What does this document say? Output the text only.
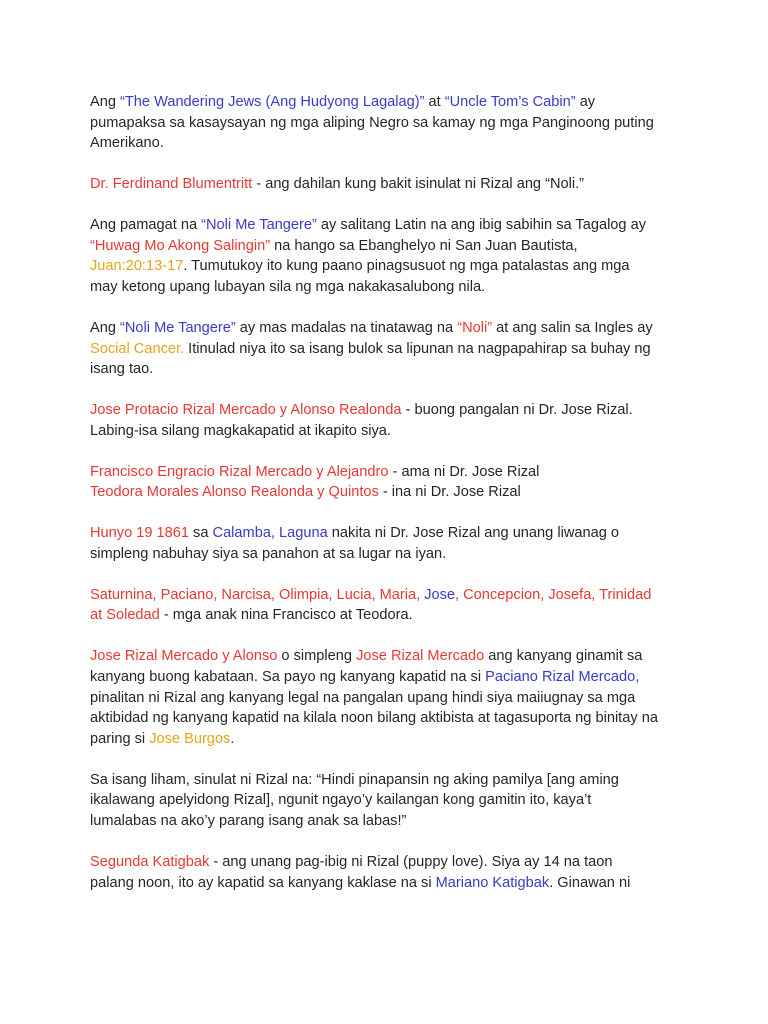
Ang “The Wandering Jews (Ang Hudyong Lagalag)” at “Uncle Tom’s Cabin” ay
pumapaksa sa kasaysayan ng mga aliping Negro sa kamay ng mga Panginoong puting
Amerikano.

Dr. Ferdinand Blumentritt - ang dahilan kung bakit isinulat ni Rizal ang “Noli.”

Ang pamagat na “Noli Me Tangere” ay salitang Latin na ang ibig sabihin sa Tagalog ay
“Huwag Mo Akong Salingin” na hango sa Ebanghelyo ni San Juan Bautista,
Juan:20:13-17. Tumutukoy ito kung paano pinagsusuot ng mga patalastas ang mga
may ketong upang lubayan sila ng mga nakakasalubong nila.

Ang “Noli Me Tangere” ay mas madalas na tinatawag na “Noli” at ang salin sa Ingles ay
Social Cancer. Itinulad niya ito sa isang bulok sa lipunan na nagpapahirap sa buhay ng
isang tao.

Jose Protacio Rizal Mercado y Alonso Realonda - buong pangalan ni Dr. Jose Rizal.
Labing-isa silang magkakapatid at ikapito siya.

Francisco Engracio Rizal Mercado y Alejandro - ama ni Dr. Jose Rizal
Teodora Morales Alonso Realonda y Quintos - ina ni Dr. Jose Rizal

Hunyo 19 1861 sa Calamba, Laguna nakita ni Dr. Jose Rizal ang unang liwanag o
simpleng nabuhay siya sa panahon at sa lugar na iyan.

Saturnina, Paciano, Narcisa, Olimpia, Lucia, Maria, Jose, Concepcion, Josefa, Trinidad
at Soledad - mga anak nina Francisco at Teodora.

Jose Rizal Mercado y Alonso o simpleng Jose Rizal Mercado ang kanyang ginamit sa
kanyang buong kabataan. Sa payo ng kanyang kapatid na si Paciano Rizal Mercado,
pinalitan ni Rizal ang kanyang legal na pangalan upang hindi siya maiiugnay sa mga
aktibidad ng kanyang kapatid na kilala noon bilang aktibista at tagasuporta ng binitay na
paring si Jose Burgos.

Sa isang liham, sinulat ni Rizal na: “Hindi pinapansin ng aking pamilya [ang aming
ikalawang apelyidong Rizal], ngunit ngayo’y kailangan kong gamitin ito, kaya’t
lumalabas na ako’y parang isang anak sa labas!”

Segunda Katigbak - ang unang pag-ibig ni Rizal (puppy love). Siya ay 14 na taon
palang noon, ito ay kapatid sa kanyang kaklase na si Mariano Katigbak. Ginawan ni
